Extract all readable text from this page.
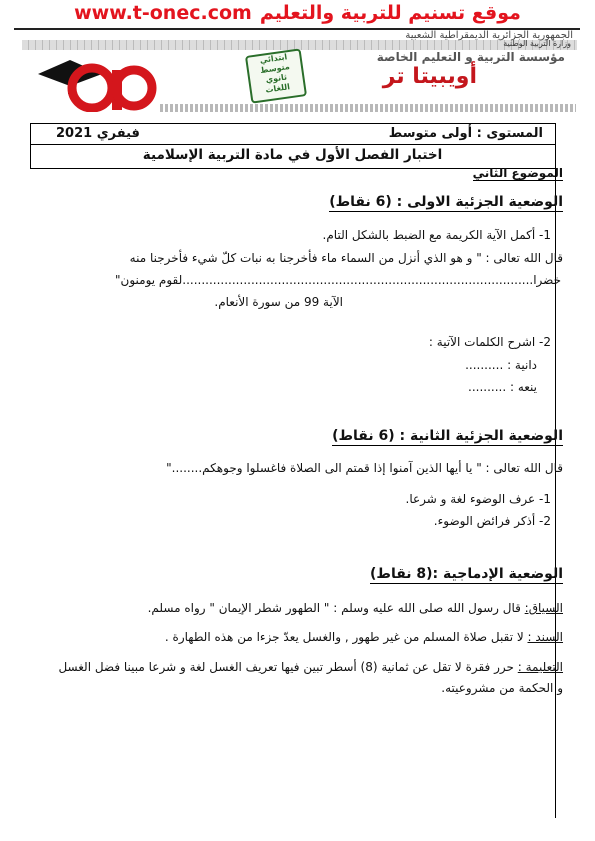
www.t-onec.com موقع تسنيم للتربية والتعليم
الجمهورية الجزائرية الديمقراطية الشعبية
وزارة التربية الوطنية
ابتدائي
متوسط
ثانوي
اللغات
مؤسسة التربية و التعليم الخاصة
أويبيتا تر
المستوى : أولى متوسط
فيفري 2021
اختبار الفصل الأول في مادة التربية الإسلامية
الموضوع الثاني
الوضعية الجزئية الاولى : (6 نقاط)
1- أكمل الآية الكريمة مع الضبط بالشكل التام.
قال الله تعالى : " و هو الذي أنزل من السماء ماء فأخرجنا به نبات كلّ شيء فأخرجنا منه
خضرا............................................................................................لقوم يومنون"
الآية 99 من سورة الأنعام.
2- اشرح الكلمات الآتية :
دانية : ..........
ينعه : ..........
الوضعية الجزئية الثانية : (6 نقاط)
قال الله تعالى : " يا أيها الذين آمنوا إذا قمتم الى الصلاة فاغسلوا وجوهكم........"
1- عرف الوضوء لغة و شرعا.
2- أذكر فرائض الوضوء.
الوضعية الإدماجية :(8 نقاط)
السياق: قال رسول الله صلى الله عليه وسلم : " الطهور شطر الإيمان " رواه مسلم.
السند : لا تقبل صلاة المسلم من غير طهور , والغسل يعدّ جزءا من هذه الطهارة .
التعليمة : حرر فقرة لا تقل عن ثمانية (8) أسطر تبين فيها تعريف الغسل لغة و شرعا مبينا فضل الغسل
و الحكمة من مشروعيته.
